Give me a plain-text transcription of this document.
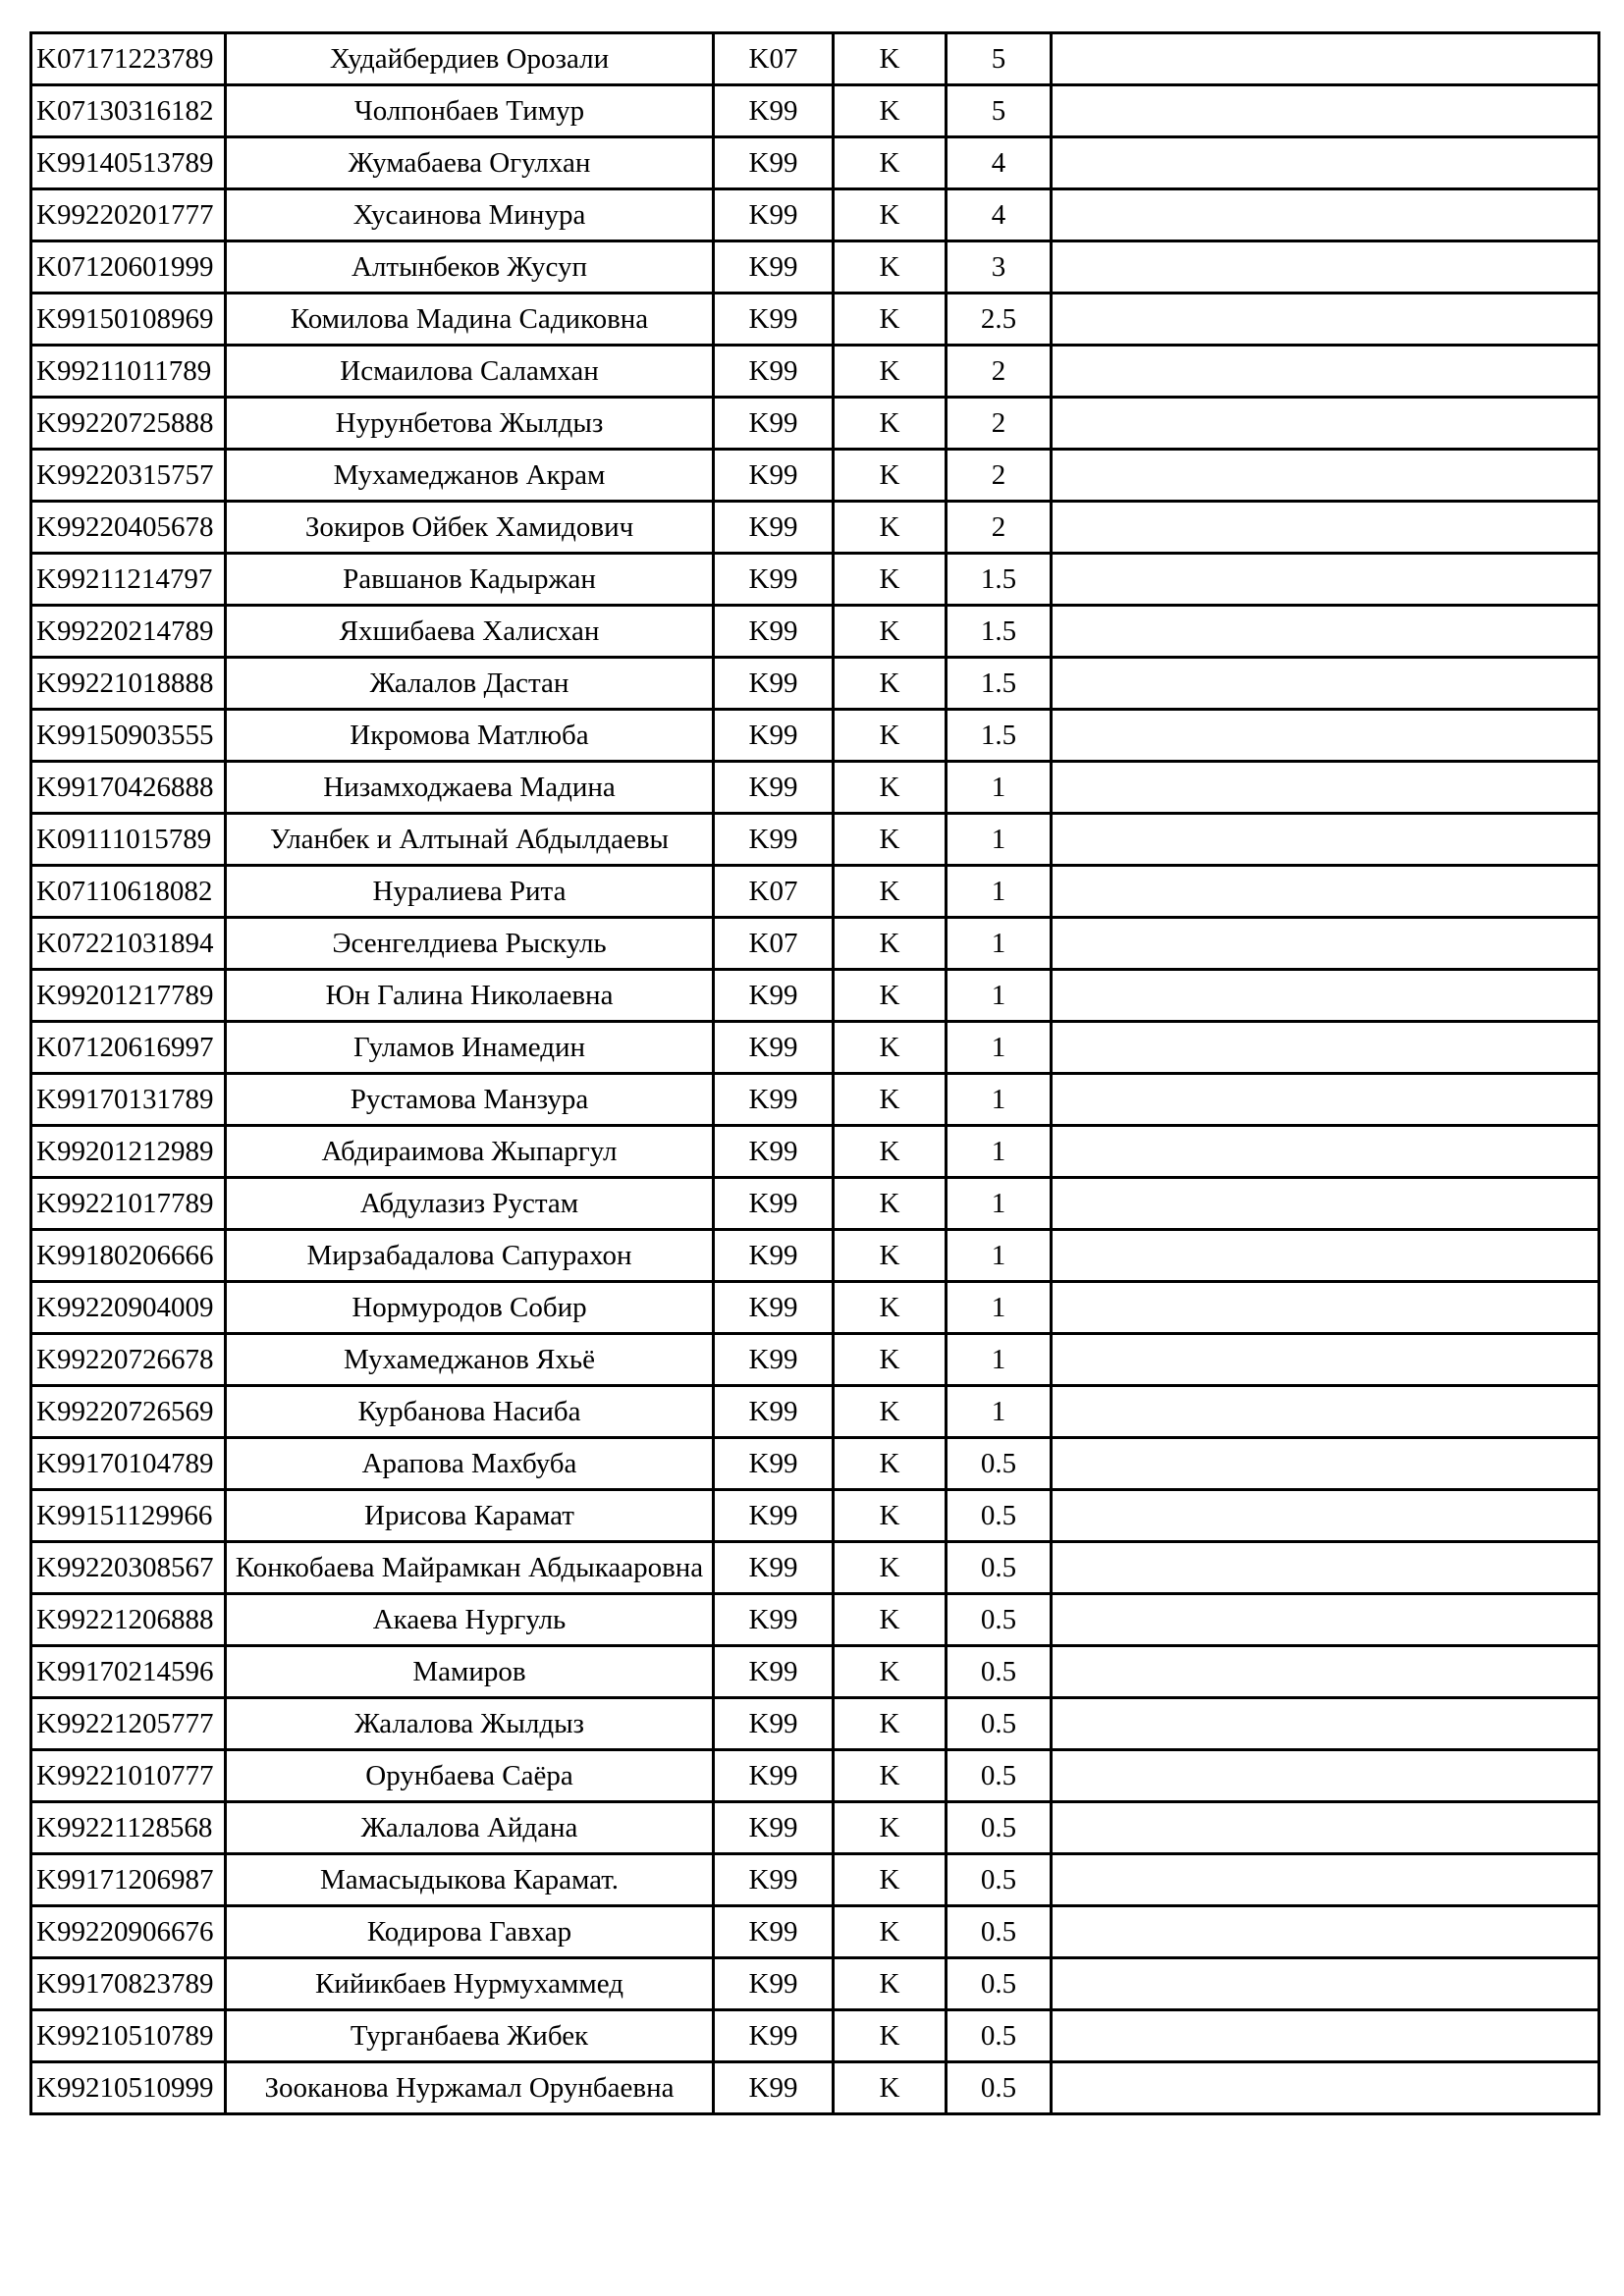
K07171223789	Худайбердиев Орозали	K07	K	5	
K07130316182	Чолпонбаев Тимур	K99	K	5	
K99140513789	Жумабаева Огулхан	K99	K	4	
K99220201777	Хусаинова Минура	K99	K	4	
K07120601999	Алтынбеков Жусуп	K99	K	3	
K99150108969	Комилова Мадина Садиковна	K99	K	2.5	
K99211011789	Исмаилова Саламхан	K99	K	2	
K99220725888	Нурунбетова Жылдыз	K99	K	2	
K99220315757	Мухамеджанов Акрам	K99	K	2	
K99220405678	Зокиров Ойбек Хамидович	K99	K	2	
K99211214797	Равшанов Кадыржан	K99	K	1.5	
K99220214789	Яхшибаева Халисхан	K99	K	1.5	
K99221018888	Жалалов Дастан	K99	K	1.5	
K99150903555	Икромова Матлюба	K99	K	1.5	
K99170426888	Низамходжаева Мадина	K99	K	1	
K09111015789	Уланбек и Алтынай Абдылдаевы	K99	K	1	
K07110618082	Нуралиева Рита	K07	K	1	
K07221031894	Эсенгелдиева Рыскуль	K07	K	1	
K99201217789	Юн Галина Николаевна	K99	K	1	
K07120616997	Гуламов Инамедин	K99	K	1	
K99170131789	Рустамова Манзура	K99	K	1	
K99201212989	Абдираимова Жыпаргул	K99	K	1	
K99221017789	Абдулазиз Рустам	K99	K	1	
K99180206666	Мирзабадалова Сапурахон	K99	K	1	
K99220904009	Нормуродов Собир	K99	K	1	
K99220726678	Мухамеджанов Яхьё	K99	K	1	
K99220726569	Курбанова Насиба	K99	K	1	
K99170104789	Арапова Махбуба	K99	K	0.5	
K99151129966	Ирисова Карамат	K99	K	0.5	
K99220308567	Конкобаева Майрамкан Абдыкааровна	K99	K	0.5	
K99221206888	Акаева Нургуль	K99	K	0.5	
K99170214596	Мамиров	K99	K	0.5	
K99221205777	Жалалова Жылдыз	K99	K	0.5	
K99221010777	Орунбаева Саёра	K99	K	0.5	
K99221128568	Жалалова Айдана	K99	K	0.5	
K99171206987	Мамасыдыкова Карамат.	K99	K	0.5	
K99220906676	Кодирова Гавхар	K99	K	0.5	
K99170823789	Кийикбаев Нурмухаммед	K99	K	0.5	
K99210510789	Турганбаева Жибек	K99	K	0.5	
K99210510999	Зооканова Нуржамал Орунбаевна	K99	K	0.5	
